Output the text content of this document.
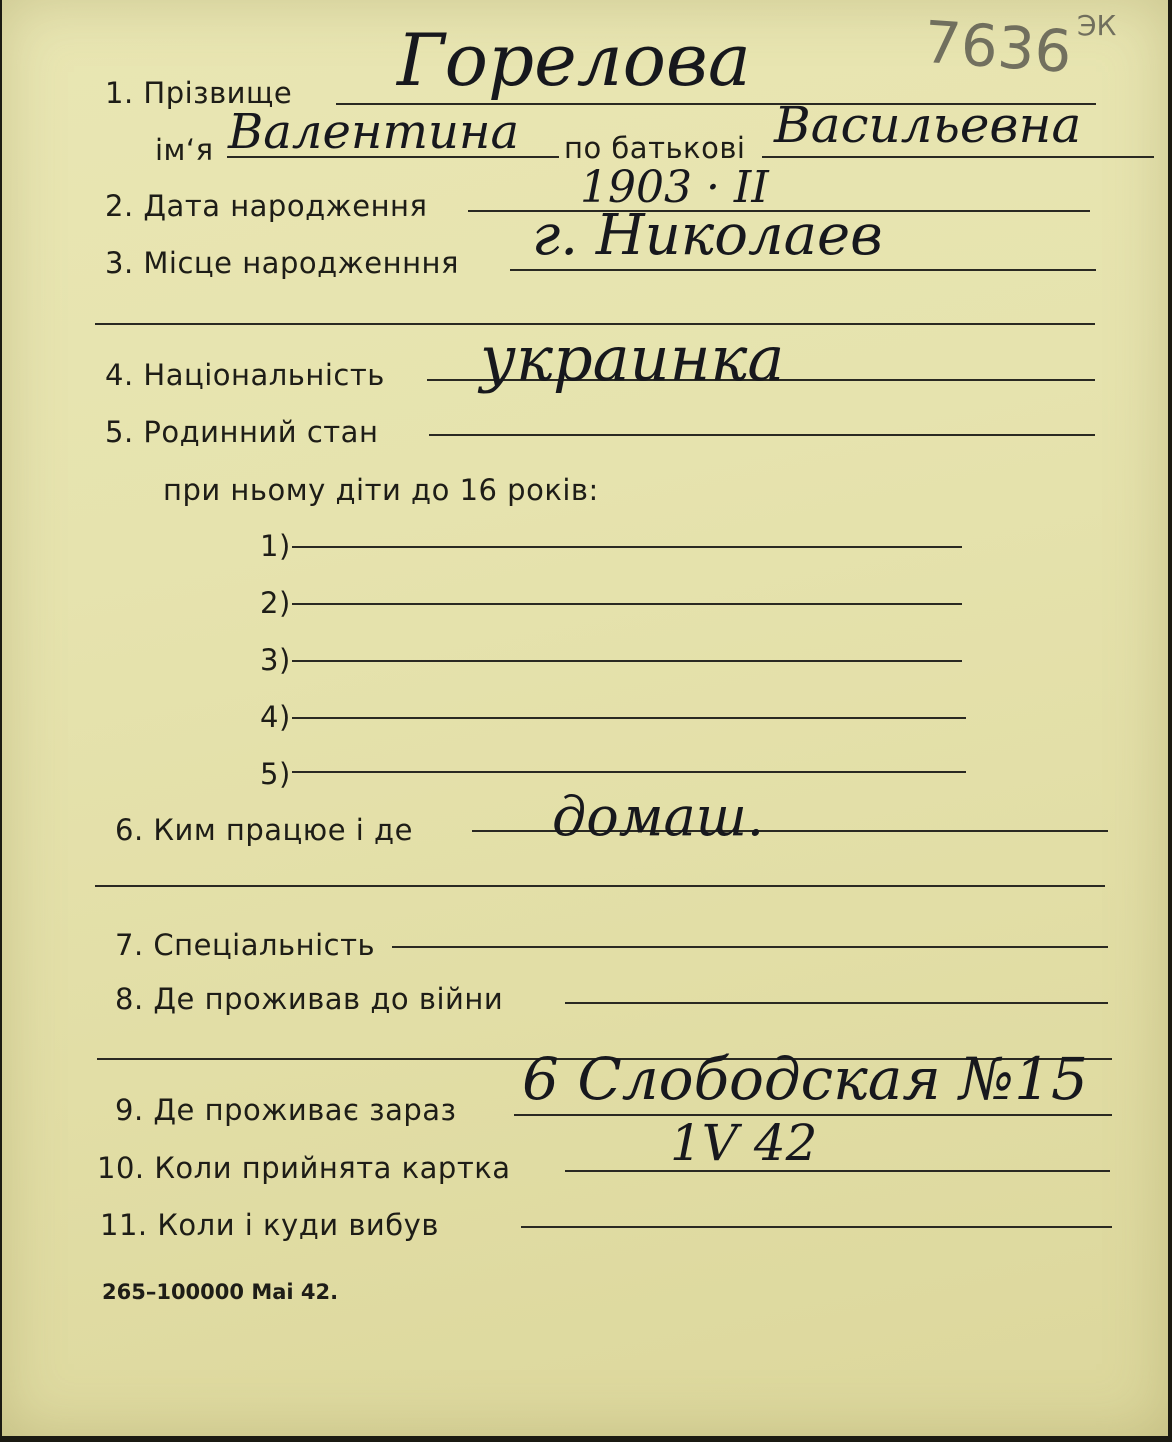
7636 ЭК
1. Прізвище Горелова
ім‘я Валентина по батькові Васильевна
2. Дата народження	1903 · II
3. Місце народженння г. Николаев
4. Національність украинка
5. Родинний стан
при ньому діти до 16 років:
1)
2)
3)
4)
5)
6. Ким працюе і де	домаш.
7. Спеціальність
8. Де проживав до війни
9. Де проживає зараз 6 Слободская №15
10. Коли прийнята картка	1V 42
11. Коли і куди вибув
265–100000 Mai 42.
